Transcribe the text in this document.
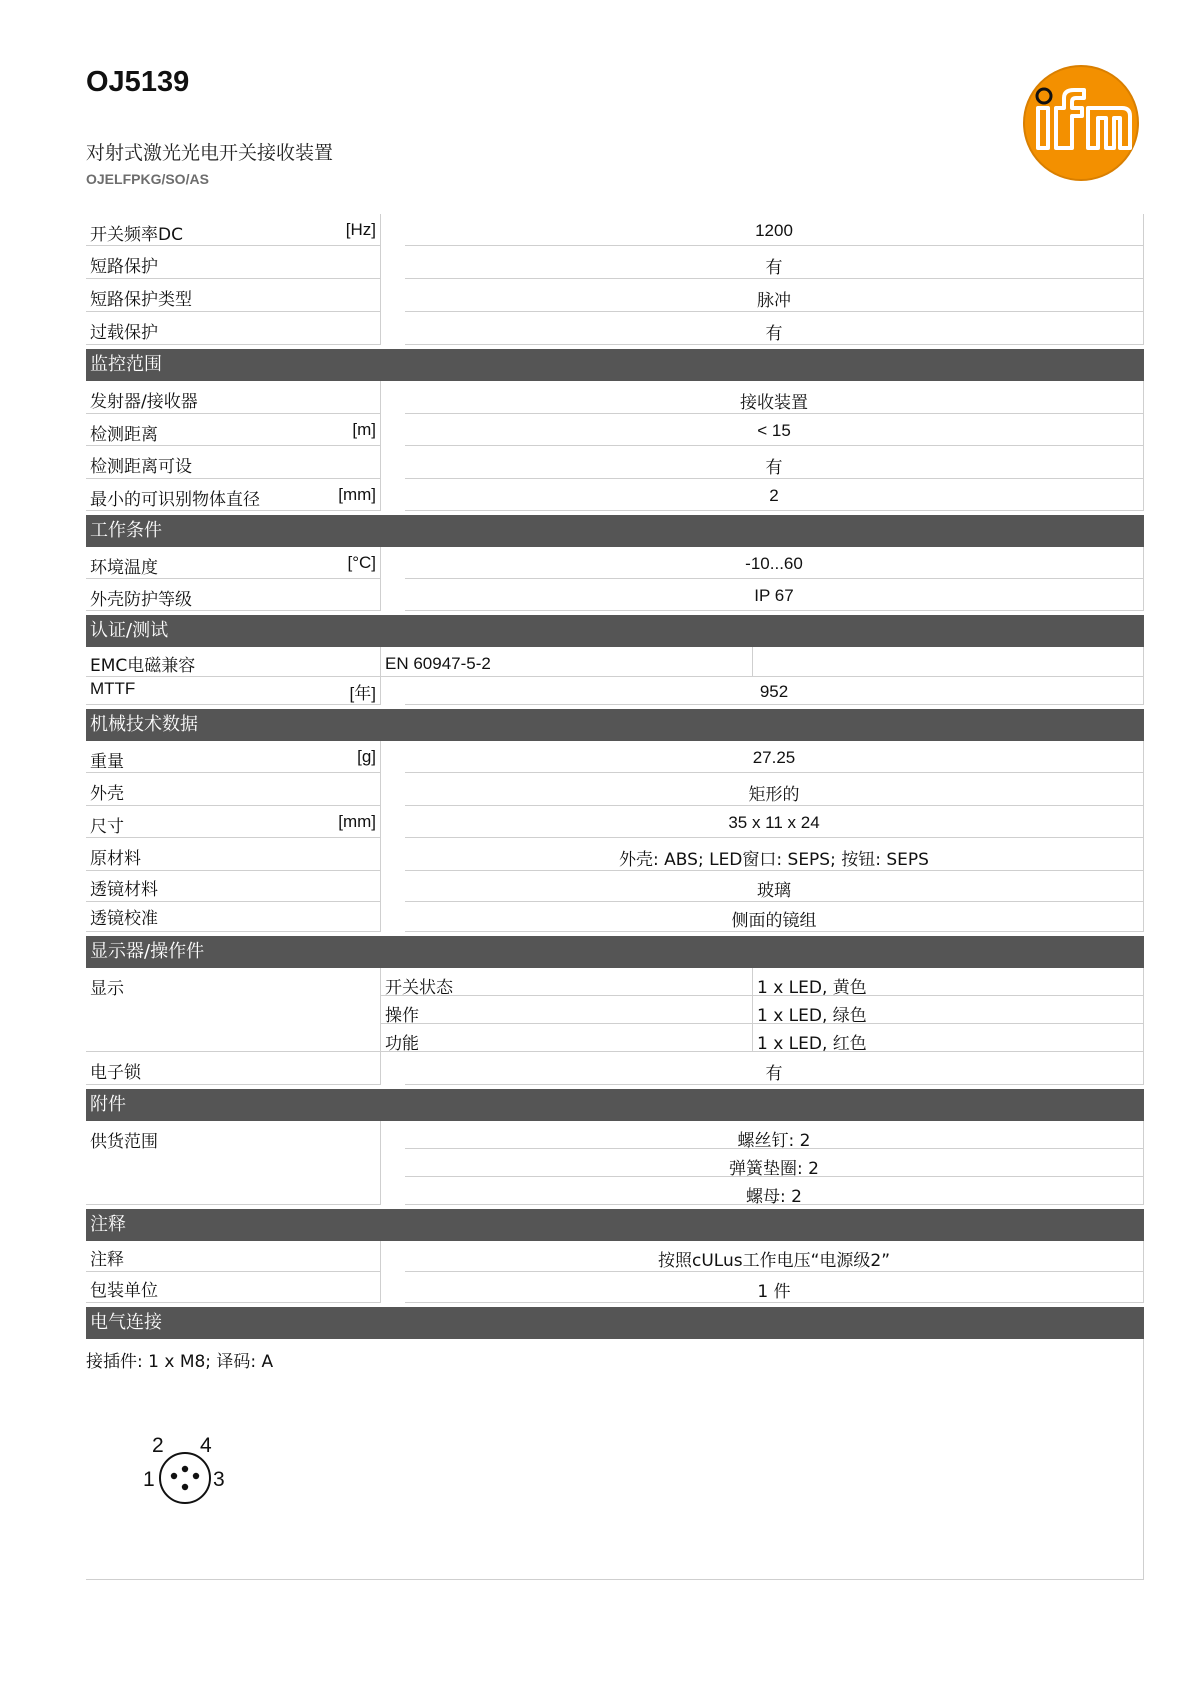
OJ5139
对射式激光光电开关接收装置
OJELFPKG/SO/AS
开关频率DC	[Hz]	1200
短路保护	有
短路保护类型	脉冲
过载保护	有
监控范围
发射器/接收器	接收装置
检测距离	[m]	< 15
检测距离可设	有
最小的可识别物体直径	[mm]	2
工作条件
环境温度	[°C]	-10...60
外壳防护等级	IP 67
认证/测试
EMC电磁兼容	EN 60947-5-2
MTTF	[年]	952
机械技术数据
重量	[g]	27.25
外壳	矩形的
尺寸	[mm]	35 x 11 x 24
原材料	外壳: ABS; LED窗口: SEPS; 按钮: SEPS
透镜材料	玻璃
透镜校准	侧面的镜组
显示器/操作件
显示	开关状态	1 x LED, 黄色
操作	1 x LED, 绿色
功能	1 x LED, 红色
电子锁	有
附件
供货范围	螺丝钉: 2
弹簧垫圈: 2
螺母: 2
注释
注释	按照cULus工作电压“电源级2”
包装单位	1 件
电气连接
接插件: 1 x M8; 译码: A
1
2
3
4
